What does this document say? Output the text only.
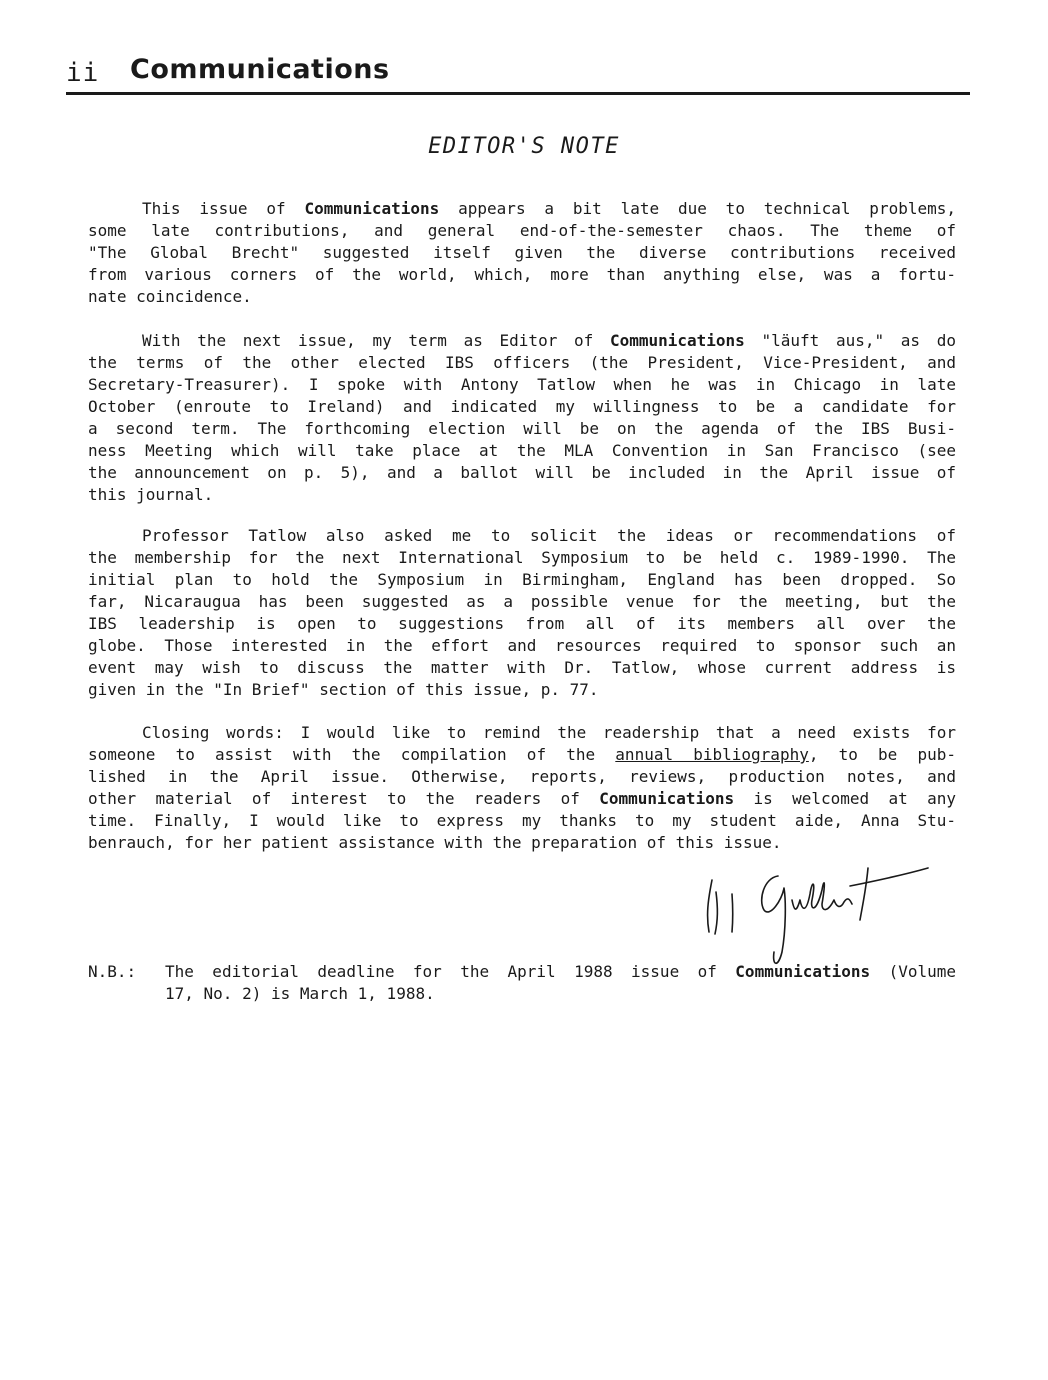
ii Communications
EDITOR'S NOTE
This issue of Communications appears a bit late due to technical problems,
some late contributions, and general end-of-the-semester chaos. The theme of
"The Global Brecht" suggested itself given the diverse contributions received
from various corners of the world, which, more than anything else, was a fortu-
nate coincidence.
With the next issue, my term as Editor of Communications "läuft aus," as do
the terms of the other elected IBS officers (the President, Vice-President, and
Secretary-Treasurer). I spoke with Antony Tatlow when he was in Chicago in late
October (enroute to Ireland) and indicated my willingness to be a candidate for
a second term. The forthcoming election will be on the agenda of the IBS Busi-
ness Meeting which will take place at the MLA Convention in San Francisco (see
the announcement on p. 5), and a ballot will be included in the April issue of
this journal.
Professor Tatlow also asked me to solicit the ideas or recommendations of
the membership for the next International Symposium to be held c. 1989-1990. The
initial plan to hold the Symposium in Birmingham, England has been dropped. So
far, Nicaraugua has been suggested as a possible venue for the meeting, but the
IBS leadership is open to suggestions from all of its members all over the
globe. Those interested in the effort and resources required to sponsor such an
event may wish to discuss the matter with Dr. Tatlow, whose current address is
given in the "In Brief" section of this issue, p. 77.
Closing words: I would like to remind the readership that a need exists for
someone to assist with the compilation of the annual bibliography, to be pub-
lished in the April issue. Otherwise, reports, reviews, production notes, and
other material of interest to the readers of Communications is welcomed at any
time. Finally, I would like to express my thanks to my student aide, Anna Stu-
benrauch, for her patient assistance with the preparation of this issue.
N.B.: The editorial deadline for the April 1988 issue of Communications (Volume
17, No. 2) is March 1, 1988.
